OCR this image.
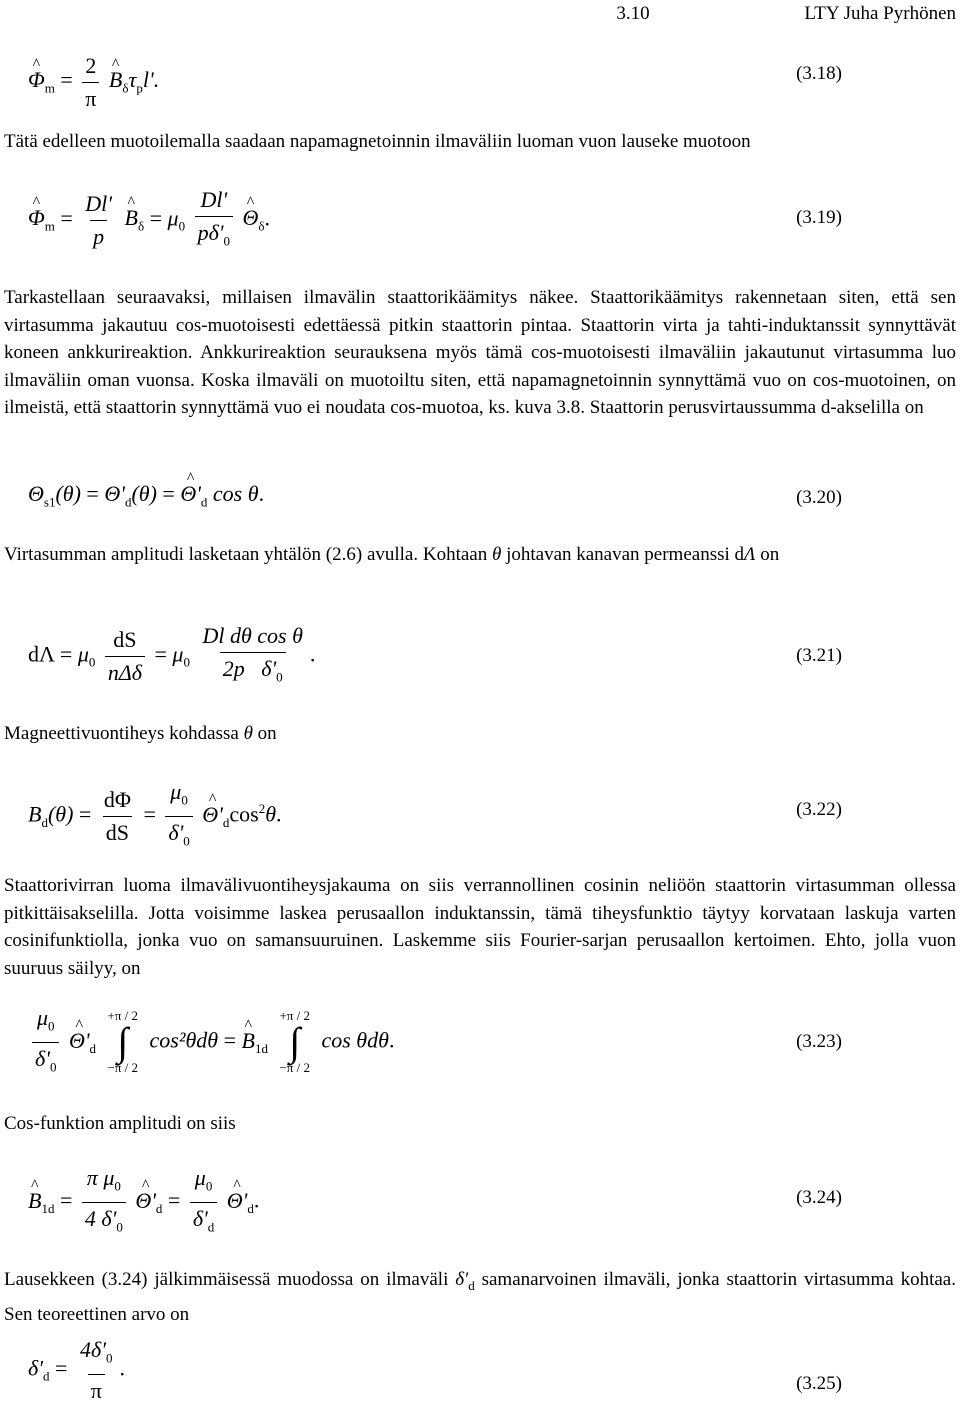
3.10	LTY Juha Pyrhönen
^ $\Phi_m = \frac{2}{\pi}$ ^ $B_\delta\tau_pl'$.	(3.18)

Tätä edelleen muotoilemalla saadaan napamagnetoinnin ilmaväliin luoman vuon lauseke muotoon

^ $\Phi_m = \frac{Dl'}{p}$ ^ $B_\delta = \mu_0 \frac{Dl'}{p\delta'_0}$ ^ $\Theta_\delta$.	(3.19)

Tarkastellaan seuraavaksi, millaisen ilmavälin staattorikäämitys näkee. Staattorikäämitys rakennetaan siten, että sen virtasumma jakautuu cos-muotoisesti edettäessä pitkin staattorin pintaa. Staattorin virta ja tahti-induktanssit synnyttävät koneen ankkurireaktion. Ankkurireaktion seurauksena myös tämä cos-muotoisesti ilmaväliin jakautunut virtasumma luo ilmaväliin oman vuonsa. Koska ilmaväli on muotoiltu siten, että napamagnetoinnin synnyttämä vuo on cos-muotoinen, on ilmeistä, että staattorin synnyttämä vuo ei noudata cos-muotoa, ks. kuva 3.8. Staattorin perusvirtaussumma d-akselilla on

$\Theta_{s1}(\theta) = \Theta'_d(\theta)$ = ^ $\Theta'_d$ cos θ.	(3.20)

Virtasumman amplitudi lasketaan yhtälön (2.6) avulla. Kohtaan θ johtavan kanavan permeanssi dΛ on

$d\Lambda = \mu_0 \frac{dS}{\text{nΔδ}} = \mu_0 \frac{\text{Dl dθ cos θ}}{2p \delta'_0}$ .	(3.21)

Magneettivuontiheys kohdassa θ on

$B_d(\theta) = \frac{d\Phi}{dS} = \frac{\mu_0}{\delta'_0}$ ^ $\Theta'_d\cos^2\theta$.	(3.22)

Staattorivirran luoma ilmavälivuontiheysjakauma on siis verrannollinen cosinin neliöön staattorin virtasumman ollessa pitkittäisakselilla. Jotta voisimme laskea perusaallon induktanssin, tämä tiheysfunktio täytyy korvataan laskuja varten cosinifunktiolla, jonka vuo on samansuuruinen. Laskemme siis Fourier-sarjan perusaallon kertoimen. Ehto, jolla vuon suuruus säilyy, on

$\frac{\mu_0}{\delta'_0}$ ^ $\Theta'_d$
+π / 2
∫
−π / 2
cos²θdθ = ^ $B_{1d}$
+π / 2
∫
−π / 2
cos θdθ.	(3.23)

Cos-funktion amplitudi on siis

^ $B_{1d} = \frac{\pi \mu_0}{4 \delta'_0}$ ^ $\Theta'_d = \frac{\mu_0}{\delta'_d}$ ^ $\Theta'_d$.	(3.24)

Lausekkeen (3.24) jälkimmäisessä muodossa on ilmaväli $\delta'_d$ samanarvoinen ilmaväli, jonka staattorin virtasumma kohtaa. Sen teoreettinen arvo on

$\delta'_d = \frac{4\delta'_0}{\pi}$ .
(3.25)
